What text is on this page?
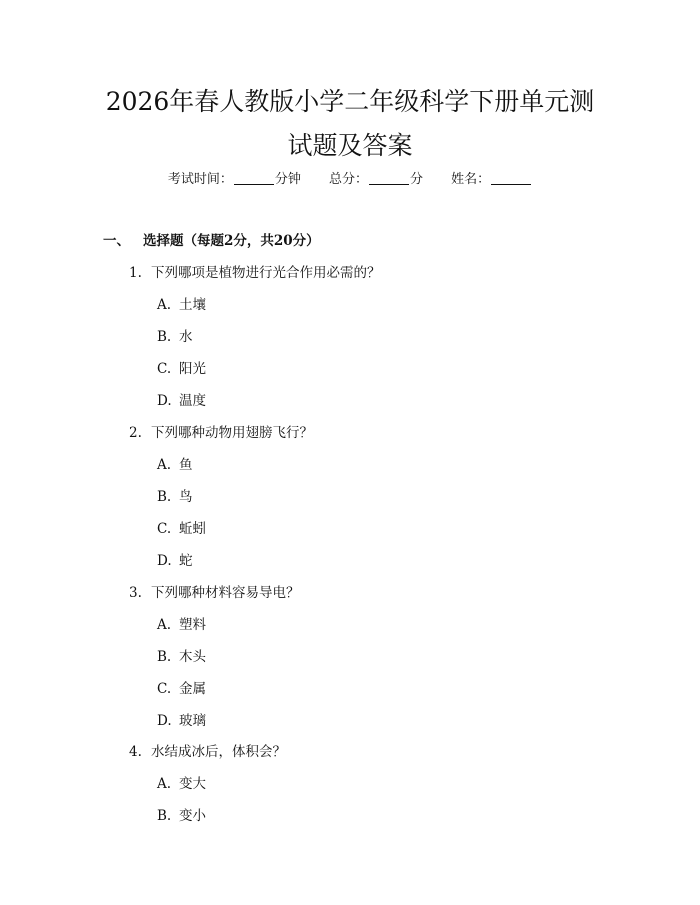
2026年春人教版小学二年级科学下册单元测
试题及答案
考试时间：	分钟 总分：	分 姓名：
一、 选择题（每题2分，共20分）
1. 下列哪项是植物进行光合作用必需的？
A. 土壤
B. 水
C. 阳光
D. 温度
2. 下列哪种动物用翅膀飞行？
A. 鱼
B. 鸟
C. 蚯蚓
D. 蛇
3. 下列哪种材料容易导电？
A. 塑料
B. 木头
C. 金属
D. 玻璃
4. 水结成冰后，体积会？
A. 变大
B. 变小
